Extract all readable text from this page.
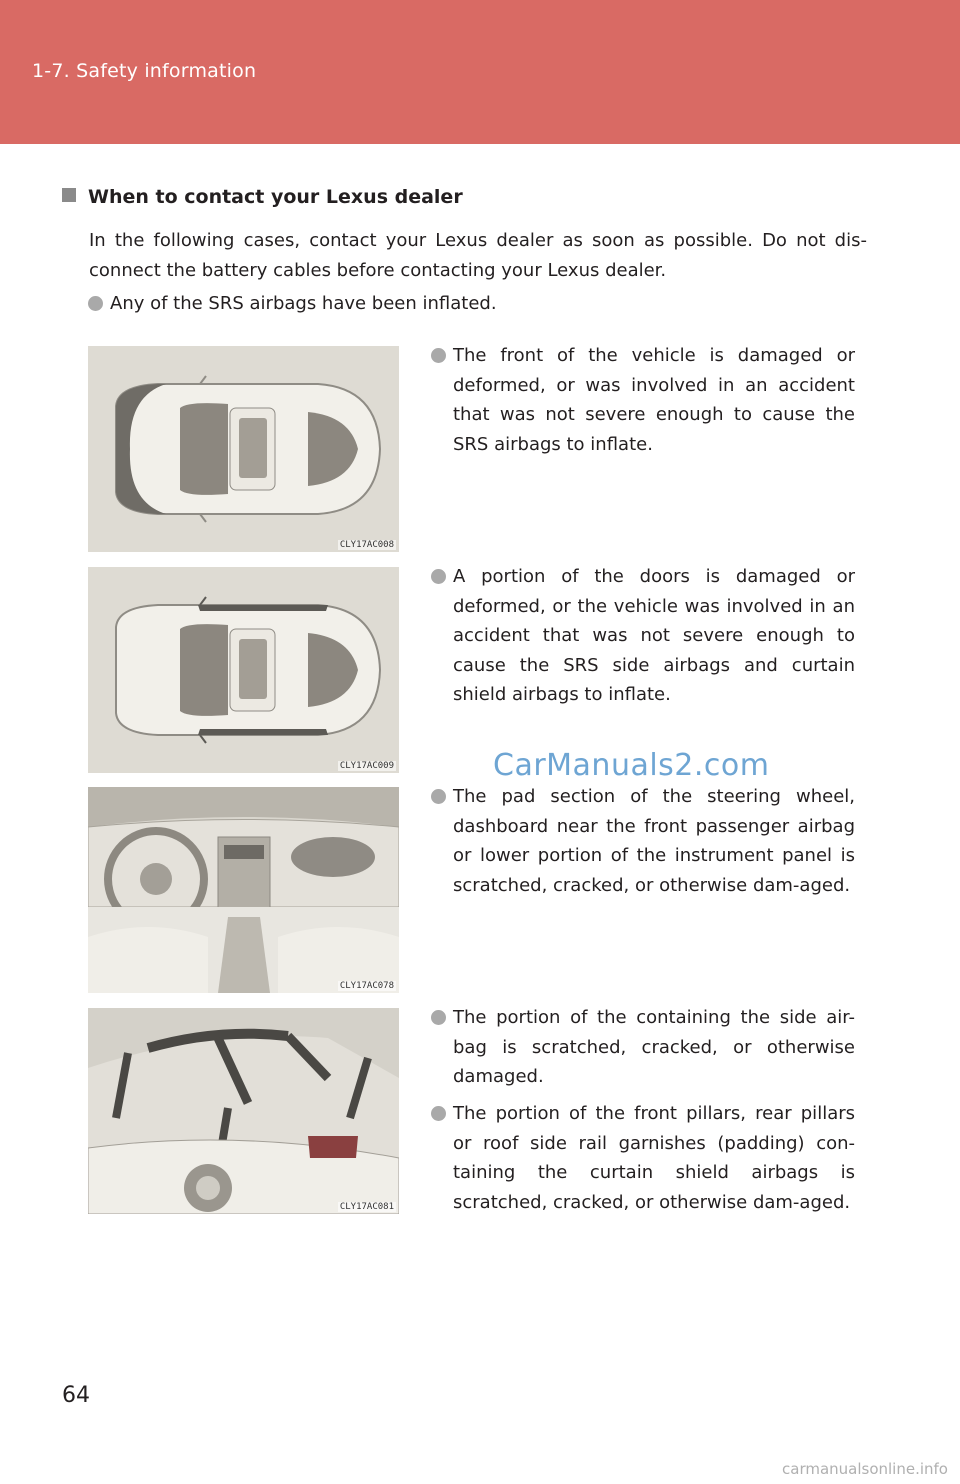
1-7. Safety information
When to contact your Lexus dealer
In the following cases, contact your Lexus dealer as soon as possible. Do not dis-connect the battery cables before contacting your Lexus dealer.
Any of the SRS airbags have been inflated.
The front of the vehicle is damaged or deformed, or was involved in an accident that was not severe enough to cause the SRS airbags to inflate.
A portion of the doors is damaged or deformed, or the vehicle was involved in an accident that was not severe enough to cause the SRS side airbags and curtain shield airbags to inflate.
The pad section of the steering wheel, dashboard near the front passenger airbag or lower portion of the instrument panel is scratched, cracked, or otherwise dam-aged.
The portion of the containing the side air-bag is scratched, cracked, or otherwise damaged.
The portion of the front pillars, rear pillars or roof side rail garnishes (padding) con-taining the curtain shield airbags is scratched, cracked, or otherwise dam-aged.
CLY17AC008
CLY17AC009
CLY17AC078
CLY17AC081
CarManuals2.com
64
carmanualsonline.info
